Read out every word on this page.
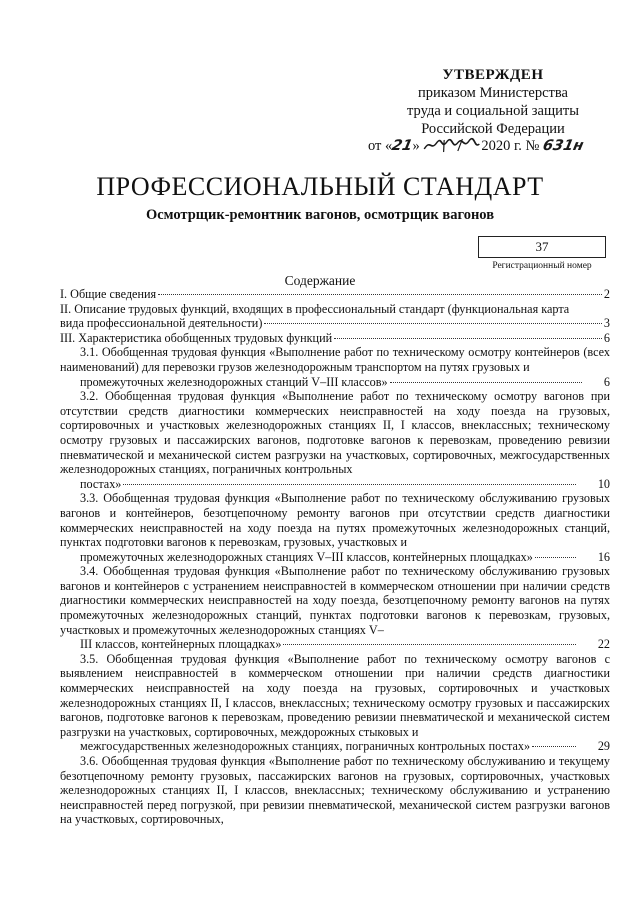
УТВЕРЖДЕН
приказом Министерства
труда и социальной защиты
Российской Федерации
от «21»	2020 г. № 631н
ПРОФЕССИОНАЛЬНЫЙ СТАНДАРТ
Осмотрщик-ремонтник вагонов, осмотрщик вагонов
37
Регистрационный номер
Содержание
I. Общие сведения	2
II. Описание трудовых функций, входящих в профессиональный стандарт (функциональная карта
вида профессиональной деятельности)	3
III. Характеристика обобщенных трудовых функций	6
3.1. Обобщенная трудовая функция «Выполнение работ по техническому осмотру контейнеров (всех наименований) для перевозки грузов железнодорожным транспортом на путях грузовых и
промежуточных железнодорожных станций V–III классов»	6
3.2. Обобщенная трудовая функция «Выполнение работ по техническому осмотру вагонов при отсутствии средств диагностики коммерческих неисправностей на ходу поезда на грузовых, сортировочных и участковых железнодорожных станциях II, I классов, внеклассных; техническому осмотру грузовых и пассажирских вагонов, подготовке вагонов к перевозкам, проведению ревизии пневматической и механической систем разгрузки на участковых, сортировочных, межгосударственных железнодорожных станциях, пограничных контрольных
постах»	10
3.3. Обобщенная трудовая функция «Выполнение работ по техническому обслуживанию грузовых вагонов и контейнеров, безотцепочному ремонту вагонов при отсутствии средств диагностики коммерческих неисправностей на ходу поезда на путях промежуточных железнодорожных станций, пунктах подготовки вагонов к перевозкам, грузовых, участковых и
промежуточных железнодорожных станциях V–III классов, контейнерных площадках»	16
3.4. Обобщенная трудовая функция «Выполнение работ по техническому обслуживанию грузовых вагонов и контейнеров с устранением неисправностей в коммерческом отношении при наличии средств диагностики коммерческих неисправностей на ходу поезда, безотцепочному ремонту вагонов на путях промежуточных железнодорожных станций, пунктах подготовки вагонов к перевозкам, грузовых, участковых и промежуточных железнодорожных станциях V–
III классов, контейнерных площадках»	22
3.5. Обобщенная трудовая функция «Выполнение работ по техническому осмотру вагонов с выявлением неисправностей в коммерческом отношении при наличии средств диагностики коммерческих неисправностей на ходу поезда на грузовых, сортировочных и участковых железнодорожных станциях II, I классов, внеклассных; техническому осмотру грузовых и пассажирских вагонов, подготовке вагонов к перевозкам, проведению ревизии пневматической и механической систем разгрузки на участковых, сортировочных, междорожных стыковых и
межгосударственных железнодорожных станциях, пограничных контрольных постах»	29
3.6. Обобщенная трудовая функция «Выполнение работ по техническому обслуживанию и текущему безотцепочному ремонту грузовых, пассажирских вагонов на грузовых, сортировочных, участковых железнодорожных станциях II, I классов, внеклассных; техническому обслуживанию и устранению неисправностей перед погрузкой, при ревизии пневматической, механической систем разгрузки вагонов на участковых, сортировочных,
